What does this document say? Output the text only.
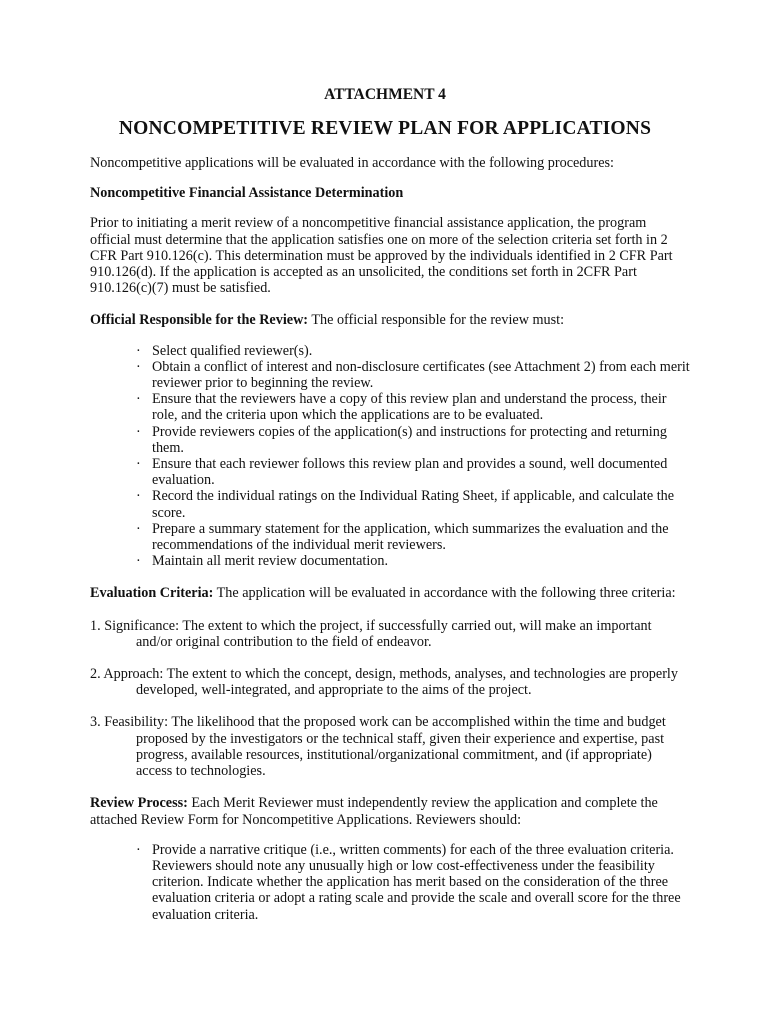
ATTACHMENT 4
NONCOMPETITIVE REVIEW PLAN FOR APPLICATIONS

Noncompetitive applications will be evaluated in accordance with the following procedures:

Noncompetitive Financial Assistance Determination

Prior to initiating a merit review of a noncompetitive financial assistance application, the program official must determine that the application satisfies one on more of the selection criteria set forth in 2 CFR Part 910.126(c). This determination must be approved by the individuals identified in 2 CFR Part 910.126(d). If the application is accepted as an unsolicited, the conditions set forth in 2CFR Part 910.126(c)(7) must be satisfied.

Official Responsible for the Review: The official responsible for the review must:

· Select qualified reviewer(s).
· Obtain a conflict of interest and non-disclosure certificates (see Attachment 2) from each merit reviewer prior to beginning the review.
· Ensure that the reviewers have a copy of this review plan and understand the process, their role, and the criteria upon which the applications are to be evaluated.
· Provide reviewers copies of the application(s) and instructions for protecting and returning them.
· Ensure that each reviewer follows this review plan and provides a sound, well documented evaluation.
· Record the individual ratings on the Individual Rating Sheet, if applicable, and calculate the score.
· Prepare a summary statement for the application, which summarizes the evaluation and the recommendations of the individual merit reviewers.
· Maintain all merit review documentation.

Evaluation Criteria: The application will be evaluated in accordance with the following three criteria:

1. Significance: The extent to which the project, if successfully carried out, will make an important and/or original contribution to the field of endeavor.

2. Approach: The extent to which the concept, design, methods, analyses, and technologies are properly developed, well-integrated, and appropriate to the aims of the project.

3. Feasibility: The likelihood that the proposed work can be accomplished within the time and budget proposed by the investigators or the technical staff, given their experience and expertise, past progress, available resources, institutional/organizational commitment, and (if appropriate) access to technologies.

Review Process: Each Merit Reviewer must independently review the application and complete the attached Review Form for Noncompetitive Applications. Reviewers should:

· Provide a narrative critique (i.e., written comments) for each of the three evaluation criteria. Reviewers should note any unusually high or low cost-effectiveness under the feasibility criterion. Indicate whether the application has merit based on the consideration of the three evaluation criteria or adopt a rating scale and provide the scale and overall score for the three evaluation criteria.
